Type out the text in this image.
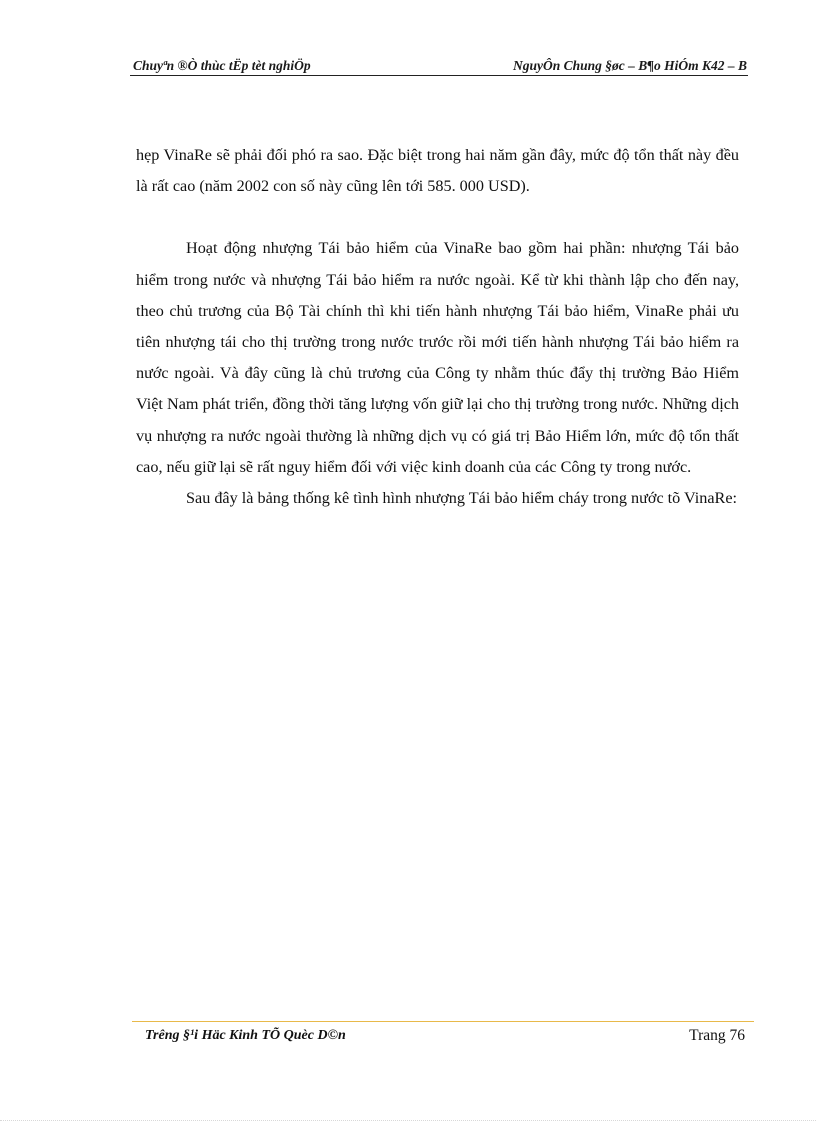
Chuyªn ®Ò thùc tËp tèt nghiÖp	NguyÔn Chung §øc – B¶o HiÓm K42 – B

hẹp VinaRe sẽ phải đối phó ra sao. Đặc biệt trong hai năm gần đây, mức độ tổn thất này đều là rất cao (năm 2002 con số này cũng lên tới 585. 000 USD).

Hoạt động nhượng Tái bảo hiểm của VinaRe bao gồm hai phần: nhượng Tái bảo hiểm trong nước và nhượng Tái bảo hiểm ra nước ngoài. Kể từ khi thành lập cho đến nay, theo chủ trương của Bộ Tài chính thì khi tiến hành nhượng Tái bảo hiểm, VinaRe phải ưu tiên nhượng tái cho thị trường trong nước trước rồi mới tiến hành nhượng Tái bảo hiểm ra nước ngoài. Và đây cũng là chủ trương của Công ty nhằm thúc đẩy thị trường Bảo Hiểm Việt Nam phát triển, đồng thời tăng lượng vốn giữ lại cho thị trường trong nước. Những dịch vụ nhượng ra nước ngoài thường là những dịch vụ có giá trị Bảo Hiểm lớn, mức độ tổn thất cao, nếu giữ lại sẽ rất nguy hiểm đối với việc kinh doanh của các Công ty trong nước.

Sau đây là bảng thống kê tình hình nhượng Tái bảo hiểm cháy trong nước tõ VinaRe:

Trêng §¹i Häc Kinh TÕ Quèc D©n	Trang 76
